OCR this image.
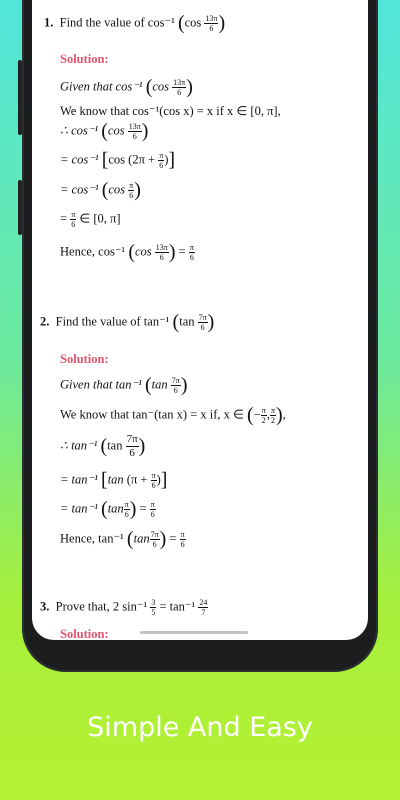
1. Find the value of cos⁻¹ ($\cos \frac{13\pi}{6}$ )
Solution:
Given that cos⁻¹ ($\cos \frac{13\pi}{6}$ )
We know that cos⁻¹(cos x) = x if x ∈ [0, π],
∴ cos⁻¹ ($\cos \frac{13\pi}{6}$ )
= cos⁻¹ [cos ($2\pi + \frac{\pi}{6}$ )]
= cos⁻¹ ($\cos \frac{\pi}{6}$ )
= $\frac{\pi}{6}$ ∈ [0, π]
Hence, cos⁻¹ ($\cos \frac{13\pi}{6}$ ) = $\frac{\pi}{6}$
2. Find the value of tan⁻¹ ($\tan \frac{7\pi}{6}$ )
Solution:
Given that tan⁻¹ ($\tan \frac{7\pi}{6}$ )
We know that tan⁻(tan x) = x if, x ∈ (− $\frac{\pi}{2}$ , $\frac{\pi}{2}$ ),
∴ tan⁻¹ ($\tan \frac{7\pi}{6}$ )
= tan⁻¹ [tan ($\pi + \frac{\pi}{6}$ )]
= tan⁻¹ ($\tan \frac{\pi}{6}$ ) = $\frac{\pi}{6}$
Hence, tan⁻¹ ($\tan \frac{7\pi}{6}$ ) = $\frac{\pi}{6}$
3. Prove that, 2 $\sin^{-1} \frac{3}{5} = \tan^{-1} \frac{24}{7}$
Solution:
Simple And Easy
